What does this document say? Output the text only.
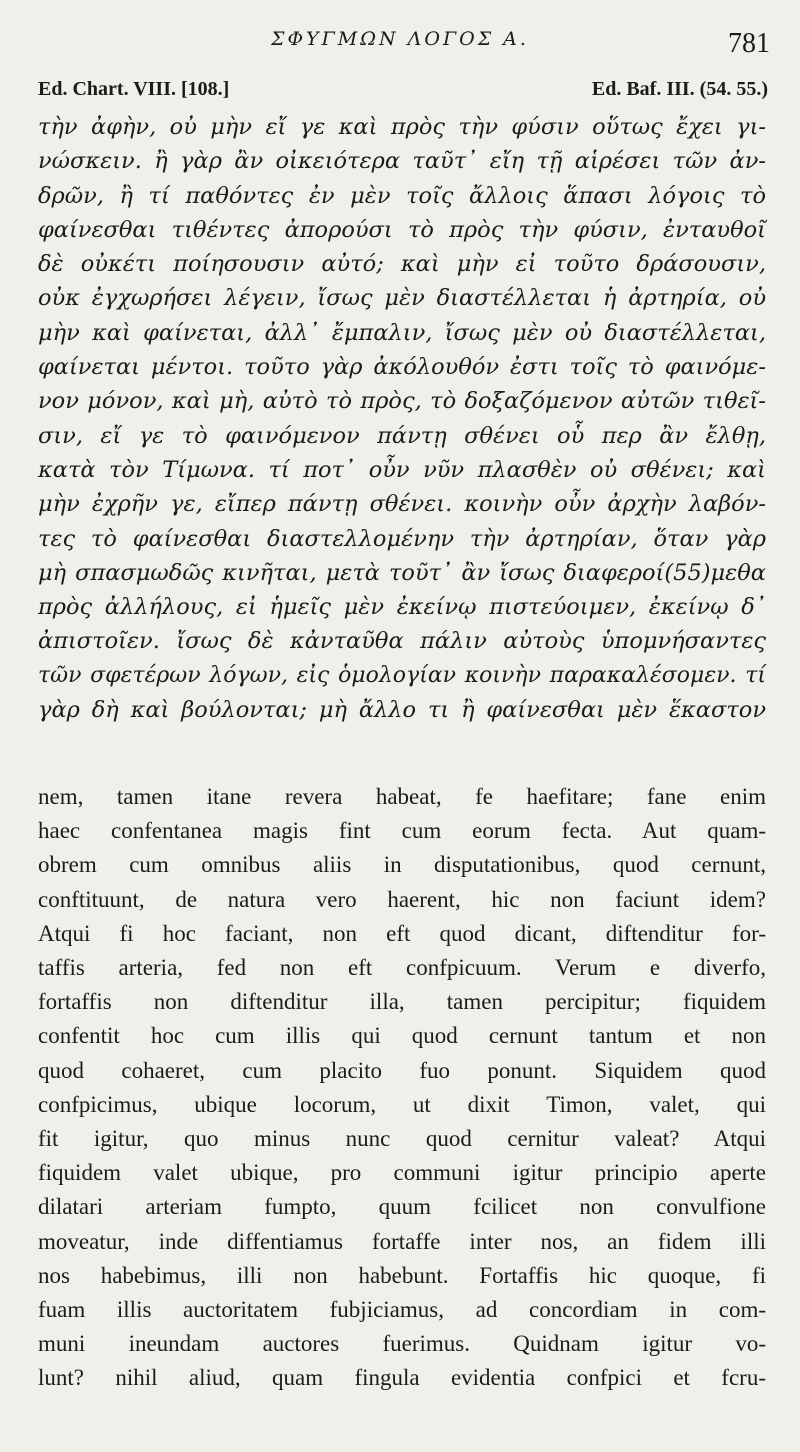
ΣΦΥΓΜΩΝ ΛΟΓΟΣ Α.	781
Ed. Chart. VIII. [108.]	Ed. Baf. III. (54. 55.)
τὴν ἀφὴν, οὐ μὴν εἴ γε καὶ πρὸς τὴν φύσιν οὕτως ἔχει γι-
νώσκειν. ἢ γὰρ ἂν οἰκειότερα ταῦτ᾽ εἴη τῇ αἱρέσει τῶν ἀν-
δρῶν, ἢ τί παθόντες ἐν μὲν τοῖς ἄλλοις ἅπασι λόγοις τὸ
φαίνεσθαι τιθέντες ἀπορούσι τὸ πρὸς τὴν φύσιν, ἐνταυθοῖ
δὲ οὐκέτι ποίησουσιν αὐτό; καὶ μὴν εἰ τοῦτο δράσουσιν,
οὐκ ἐγχωρήσει λέγειν, ἴσως μὲν διαστέλλεται ἡ ἀρτηρία, οὐ
μὴν καὶ φαίνεται, ἀλλ᾽ ἔμπαλιν, ἴσως μὲν οὐ διαστέλλεται,
φαίνεται μέντοι. τοῦτο γὰρ ἀκόλουθόν ἐστι τοῖς τὸ φαινόμε-
νον μόνον, καὶ μὴ, αὐτὸ τὸ πρὸς, τὸ δοξαζόμενον αὐτῶν τιθεῖ-
σιν, εἴ γε τὸ φαινόμενον πάντῃ σθένει οὗ περ ἂν ἔλθῃ,
κατὰ τὸν Τίμωνα. τί ποτ᾽ οὖν νῦν πλασθὲν οὐ σθένει; καὶ
μὴν ἐχρῆν γε, εἴπερ πάντῃ σθένει. κοινὴν οὖν ἀρχὴν λαβόν-
τες τὸ φαίνεσθαι διαστελλομένην τὴν ἀρτηρίαν, ὅταν γὰρ
μὴ σπασμωδῶς κινῆται, μετὰ τοῦτ᾽ ἂν ἴσως διαφεροί(55)μεθα
πρὸς ἀλλήλους, εἰ ἡμεῖς μὲν ἐκείνῳ πιστεύοιμεν, ἐκείνῳ δ᾽
ἀπιστοῖεν. ἴσως δὲ κἀνταῦθα πάλιν αὐτοὺς ὑπομνήσαντες
τῶν σφετέρων λόγων, εἰς ὁμολογίαν κοινὴν παρακαλέσομεν. τί
γὰρ δὴ καὶ βούλονται; μὴ ἄλλο τι ἢ φαίνεσθαι μὲν ἕκαστον
nem, tamen itane revera habeat, fe haefitare; fane enim
haec confentanea magis fint cum eorum fecta. Aut quam-
obrem cum omnibus aliis in disputationibus, quod cernunt,
conftituunt, de natura vero haerent, hic non faciunt idem?
Atqui fi hoc faciant, non eft quod dicant, diftenditur for-
taffis arteria, fed non eft confpicuum. Verum e diverfo,
fortaffis non diftenditur illa, tamen percipitur; fiquidem
confentit hoc cum illis qui quod cernunt tantum et non
quod cohaeret, cum placito fuo ponunt. Siquidem quod
confpicimus, ubique locorum, ut dixit Timon, valet, qui
fit igitur, quo minus nunc quod cernitur valeat? Atqui
fiquidem valet ubique, pro communi igitur principio aperte
dilatari arteriam fumpto, quum fcilicet non convulfione
moveatur, inde diffentiamus fortaffe inter nos, an fidem illi
nos habebimus, illi non habebunt. Fortaffis hic quoque, fi
fuam illis auctoritatem fubjiciamus, ad concordiam in com-
muni ineundam auctores fuerimus. Quidnam igitur vo-
lunt? nihil aliud, quam fingula evidentia confpici et fcru-
